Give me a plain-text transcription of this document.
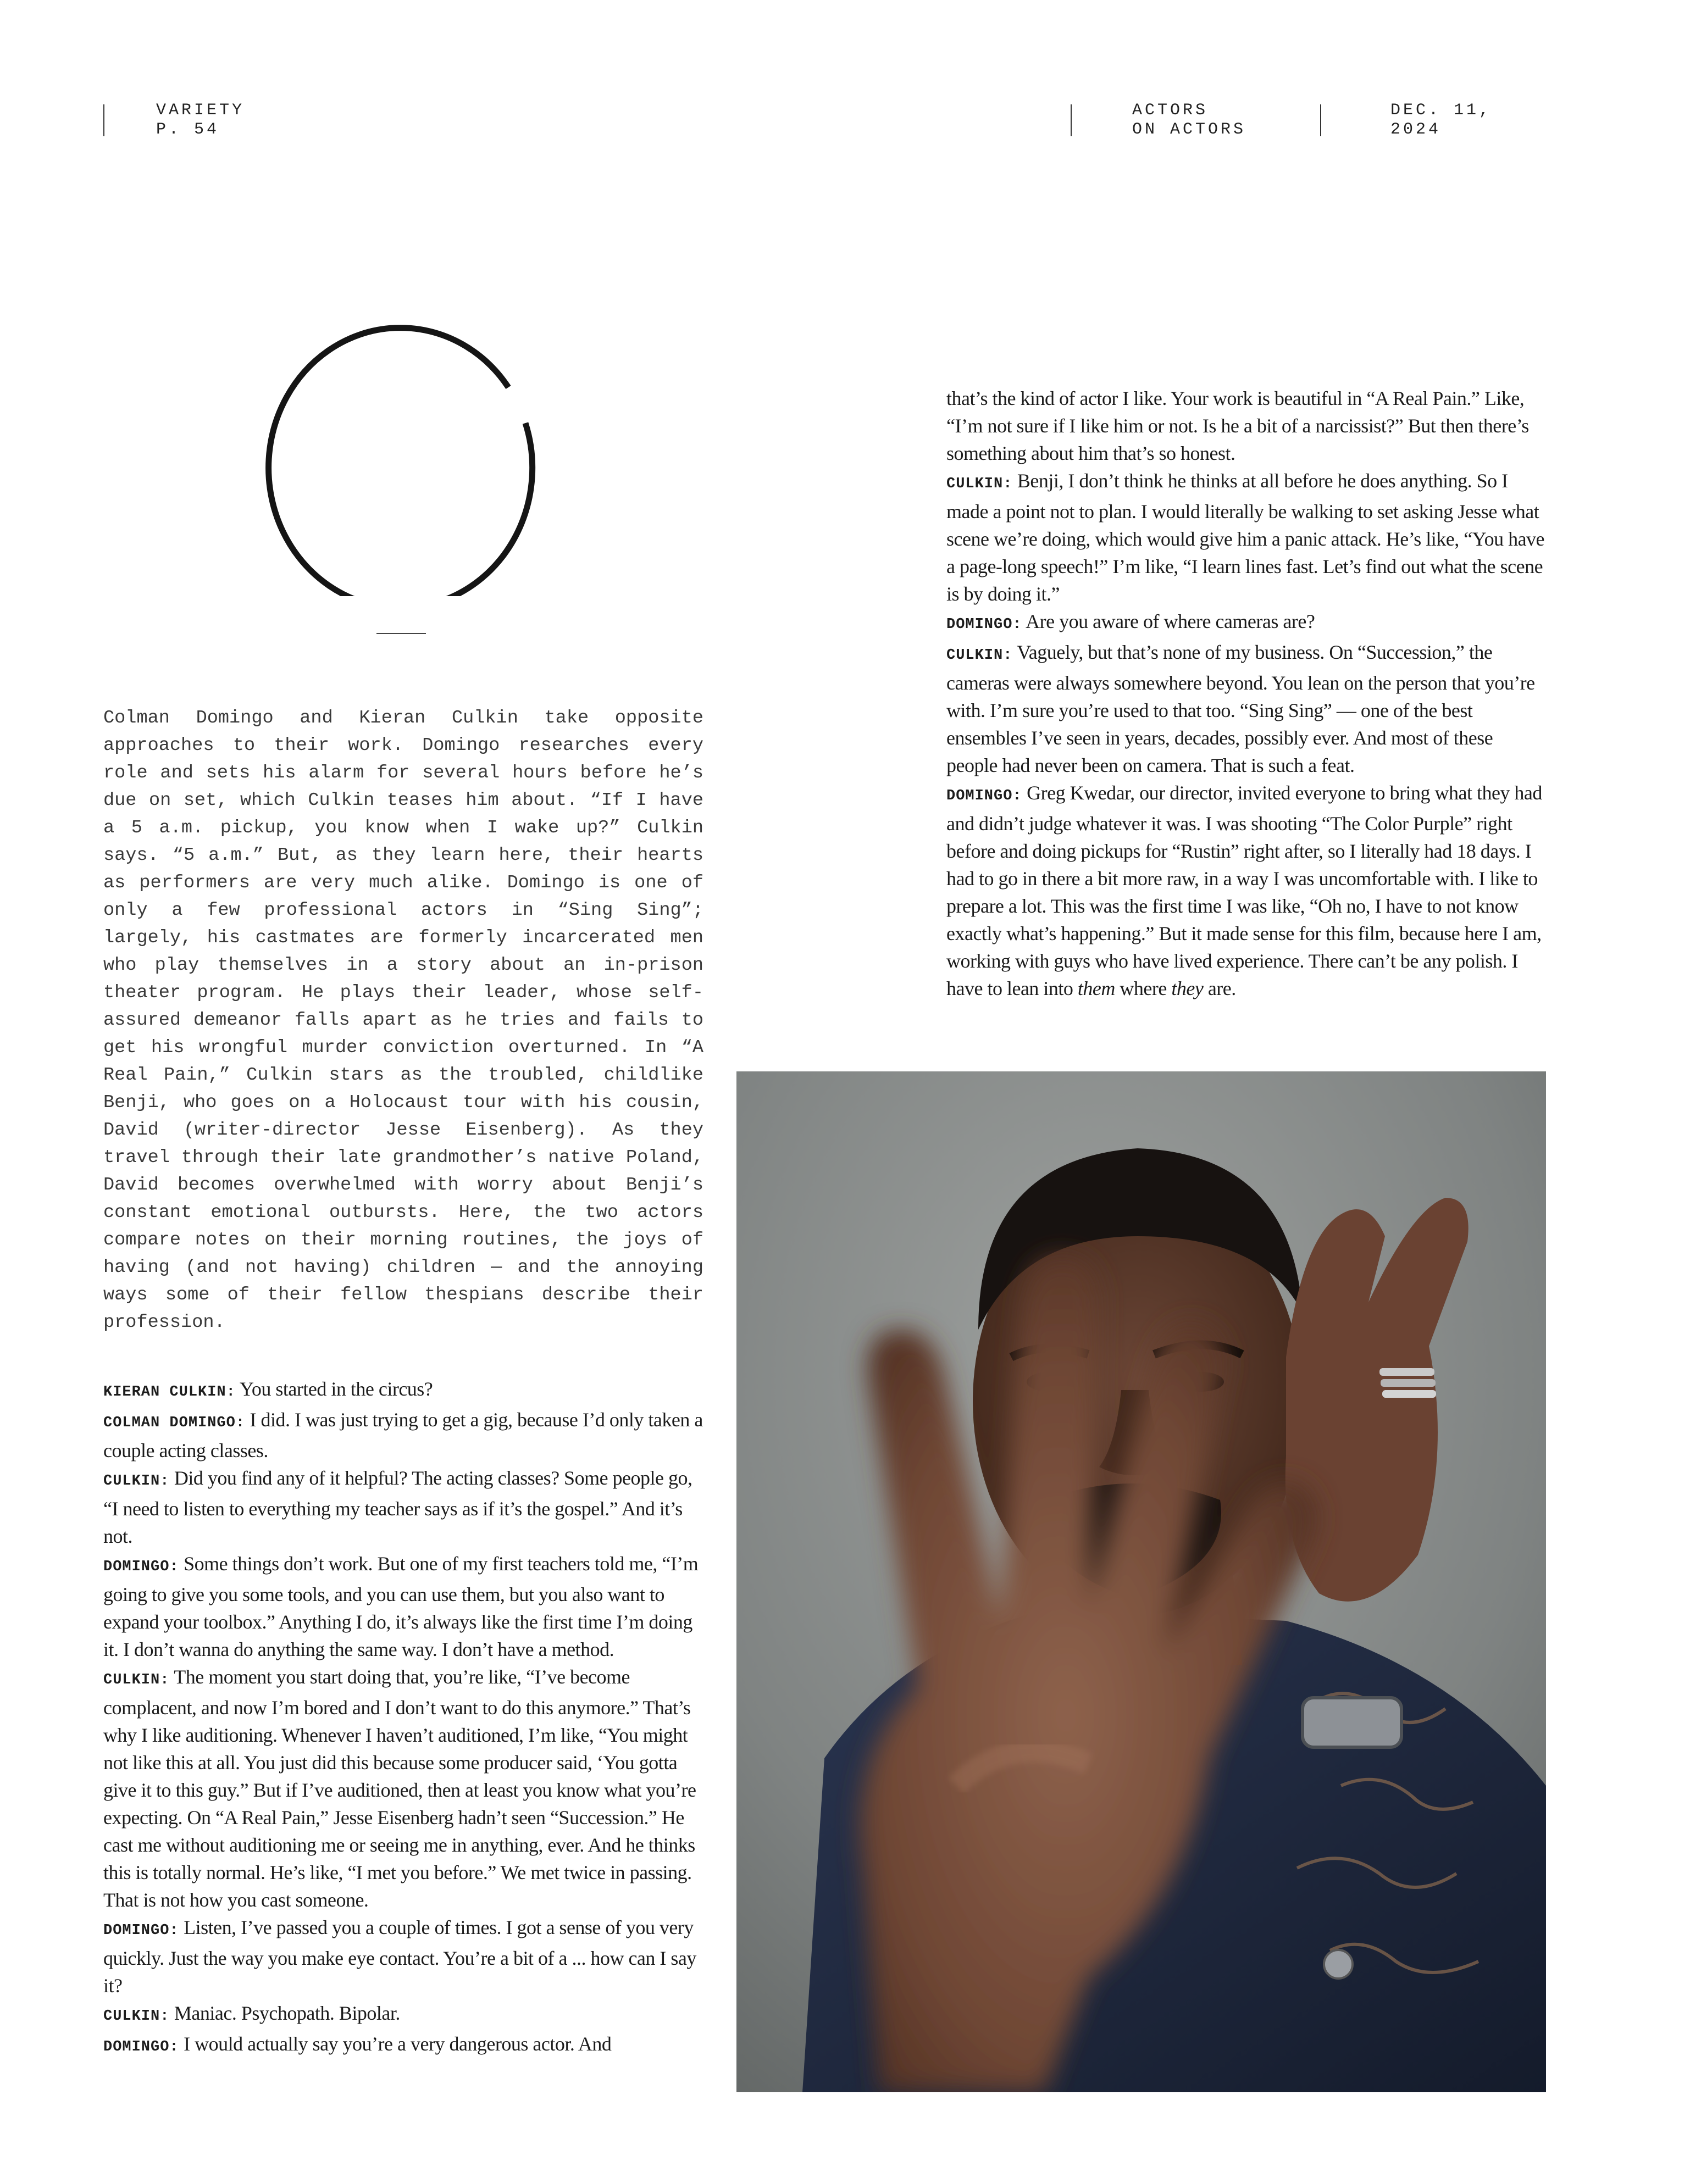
VARIETY
P. 54
ACTORS
ON ACTORS
DEC. 11,
2024

Colman Domingo and Kieran Culkin take opposite approaches to their work. Domingo researches every role and sets his alarm for several hours before he’s due on set, which Culkin teases him about. “If I have a 5 a.m. pickup, you know when I wake up?” Culkin says. “5 a.m.” But, as they learn here, their hearts as performers are very much alike. Domingo is one of only a few professional actors in “Sing Sing”; largely, his castmates are formerly incarcerated men who play themselves in a story about an in-prison theater program. He plays their leader, whose self-assured demeanor falls apart as he tries and fails to get his wrongful murder conviction overturned. In “A Real Pain,” Culkin stars as the troubled, childlike Benji, who goes on a Holocaust tour with his cousin, David (writer-director Jesse Eisenberg). As they travel through their late grandmother’s native Poland, David becomes overwhelmed with worry about Benji’s constant emotional outbursts. Here, the two actors compare notes on their morning routines, the joys of having (and not having) children — and the annoying ways some of their fellow thespians describe their profession.

KIERAN CULKIN: You started in the circus?

COLMAN DOMINGO: I did. I was just trying to get a gig, because I’d only taken a couple acting classes.

CULKIN: Did you find any of it helpful? The acting classes? Some people go, “I need to listen to everything my teacher says as if it’s the gospel.” And it’s not.

DOMINGO: Some things don’t work. But one of my first teachers told me, “I’m going to give you some tools, and you can use them, but you also want to expand your toolbox.” Anything I do, it’s always like the first time I’m doing it. I don’t wanna do anything the same way. I don’t have a method.

CULKIN: The moment you start doing that, you’re like, “I’ve become complacent, and now I’m bored and I don’t want to do this anymore.” That’s why I like auditioning. Whenever I haven’t auditioned, I’m like, “You might not like this at all. You just did this because some producer said, ‘You gotta give it to this guy.” But if I’ve auditioned, then at least you know what you’re expecting. On “A Real Pain,” Jesse Eisenberg hadn’t seen “Succession.” He cast me without auditioning me or seeing me in anything, ever. And he thinks this is totally normal. He’s like, “I met you before.” We met twice in passing. That is not how you cast someone.

DOMINGO: Listen, I’ve passed you a couple of times. I got a sense of you very quickly. Just the way you make eye contact. You’re a bit of a ... how can I say it?

CULKIN: Maniac. Psychopath. Bipolar.

DOMINGO: I would actually say you’re a very dangerous actor. And

that’s the kind of actor I like. Your work is beautiful in “A Real Pain.” Like, “I’m not sure if I like him or not. Is he a bit of a narcissist?” But then there’s something about him that’s so honest.

CULKIN: Benji, I don’t think he thinks at all before he does anything. So I made a point not to plan. I would literally be walking to set asking Jesse what scene we’re doing, which would give him a panic attack. He’s like, “You have a page-long speech!” I’m like, “I learn lines fast. Let’s find out what the scene is by doing it.”

DOMINGO: Are you aware of where cameras are?

CULKIN: Vaguely, but that’s none of my business. On “Succession,” the cameras were always somewhere beyond. You lean on the person that you’re with. I’m sure you’re used to that too. “Sing Sing” — one of the best ensembles I’ve seen in years, decades, possibly ever. And most of these people had never been on camera. That is such a feat.

DOMINGO: Greg Kwedar, our director, invited everyone to bring what they had and didn’t judge whatever it was. I was shooting “The Color Purple” right before and doing pickups for “Rustin” right after, so I literally had 18 days. I had to go in there a bit more raw, in a way I was uncomfortable with. I like to prepare a lot. This was the first time I was like, “Oh no, I have to not know exactly what’s happening.” But it made sense for this film, because here I am, working with guys who have lived experience. There can’t be any polish. I have to lean into them where they are.
